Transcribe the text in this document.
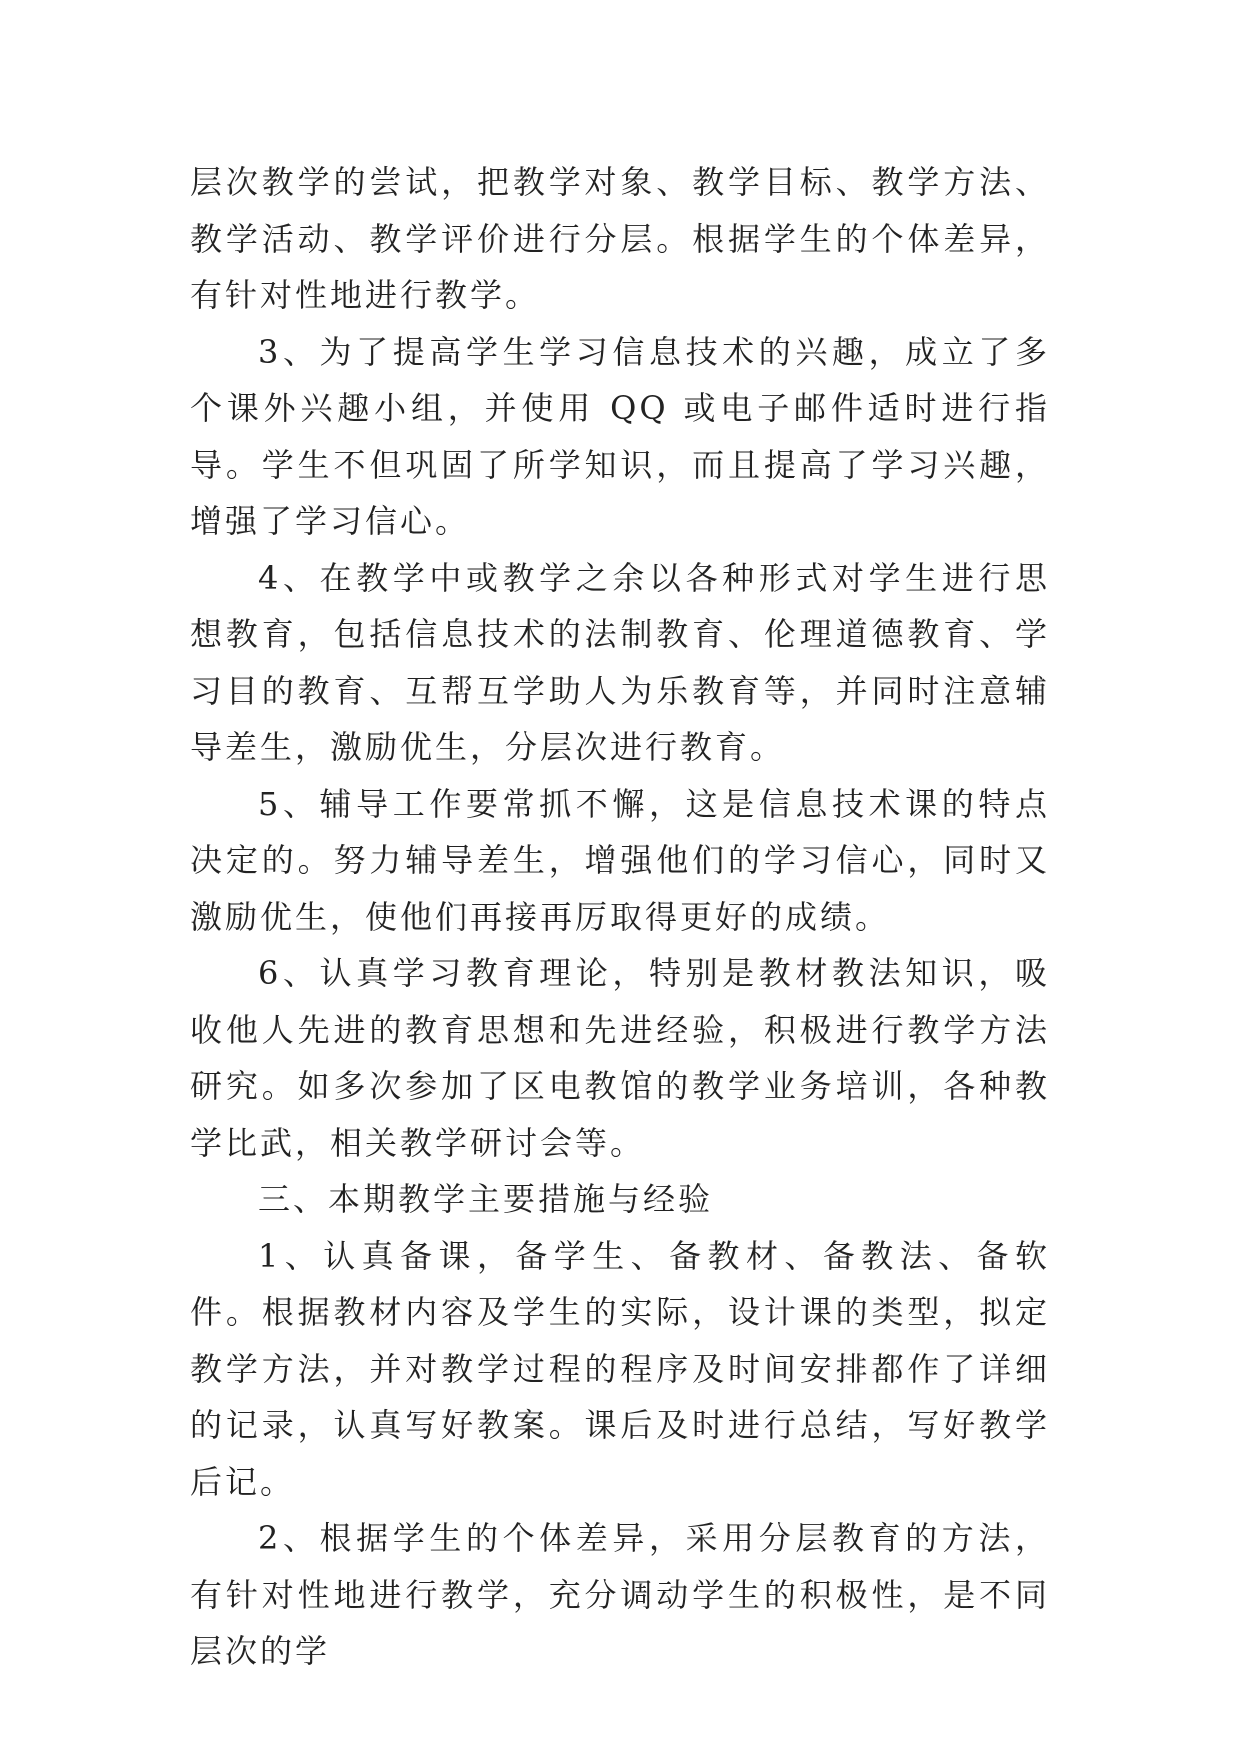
层次教学的尝试，把教学对象、教学目标、教学方法、教学活动、教学评价进行分层。根据学生的个体差异，有针对性地进行教学。

3、为了提高学生学习信息技术的兴趣，成立了多个课外兴趣小组，并使用 QQ 或电子邮件适时进行指导。学生不但巩固了所学知识，而且提高了学习兴趣，增强了学习信心。

4、在教学中或教学之余以各种形式对学生进行思想教育，包括信息技术的法制教育、伦理道德教育、学习目的教育、互帮互学助人为乐教育等，并同时注意辅导差生，激励优生，分层次进行教育。

5、辅导工作要常抓不懈，这是信息技术课的特点决定的。努力辅导差生，增强他们的学习信心，同时又激励优生，使他们再接再厉取得更好的成绩。

6、认真学习教育理论，特别是教材教法知识，吸收他人先进的教育思想和先进经验，积极进行教学方法研究。如多次参加了区电教馆的教学业务培训，各种教学比武，相关教学研讨会等。

三、本期教学主要措施与经验

1、认真备课，备学生、备教材、备教法、备软件。根据教材内容及学生的实际，设计课的类型，拟定教学方法，并对教学过程的程序及时间安排都作了详细的记录，认真写好教案。课后及时进行总结，写好教学后记。

2、根据学生的个体差异，采用分层教育的方法，有针对性地进行教学，充分调动学生的积极性，是不同层次的学
